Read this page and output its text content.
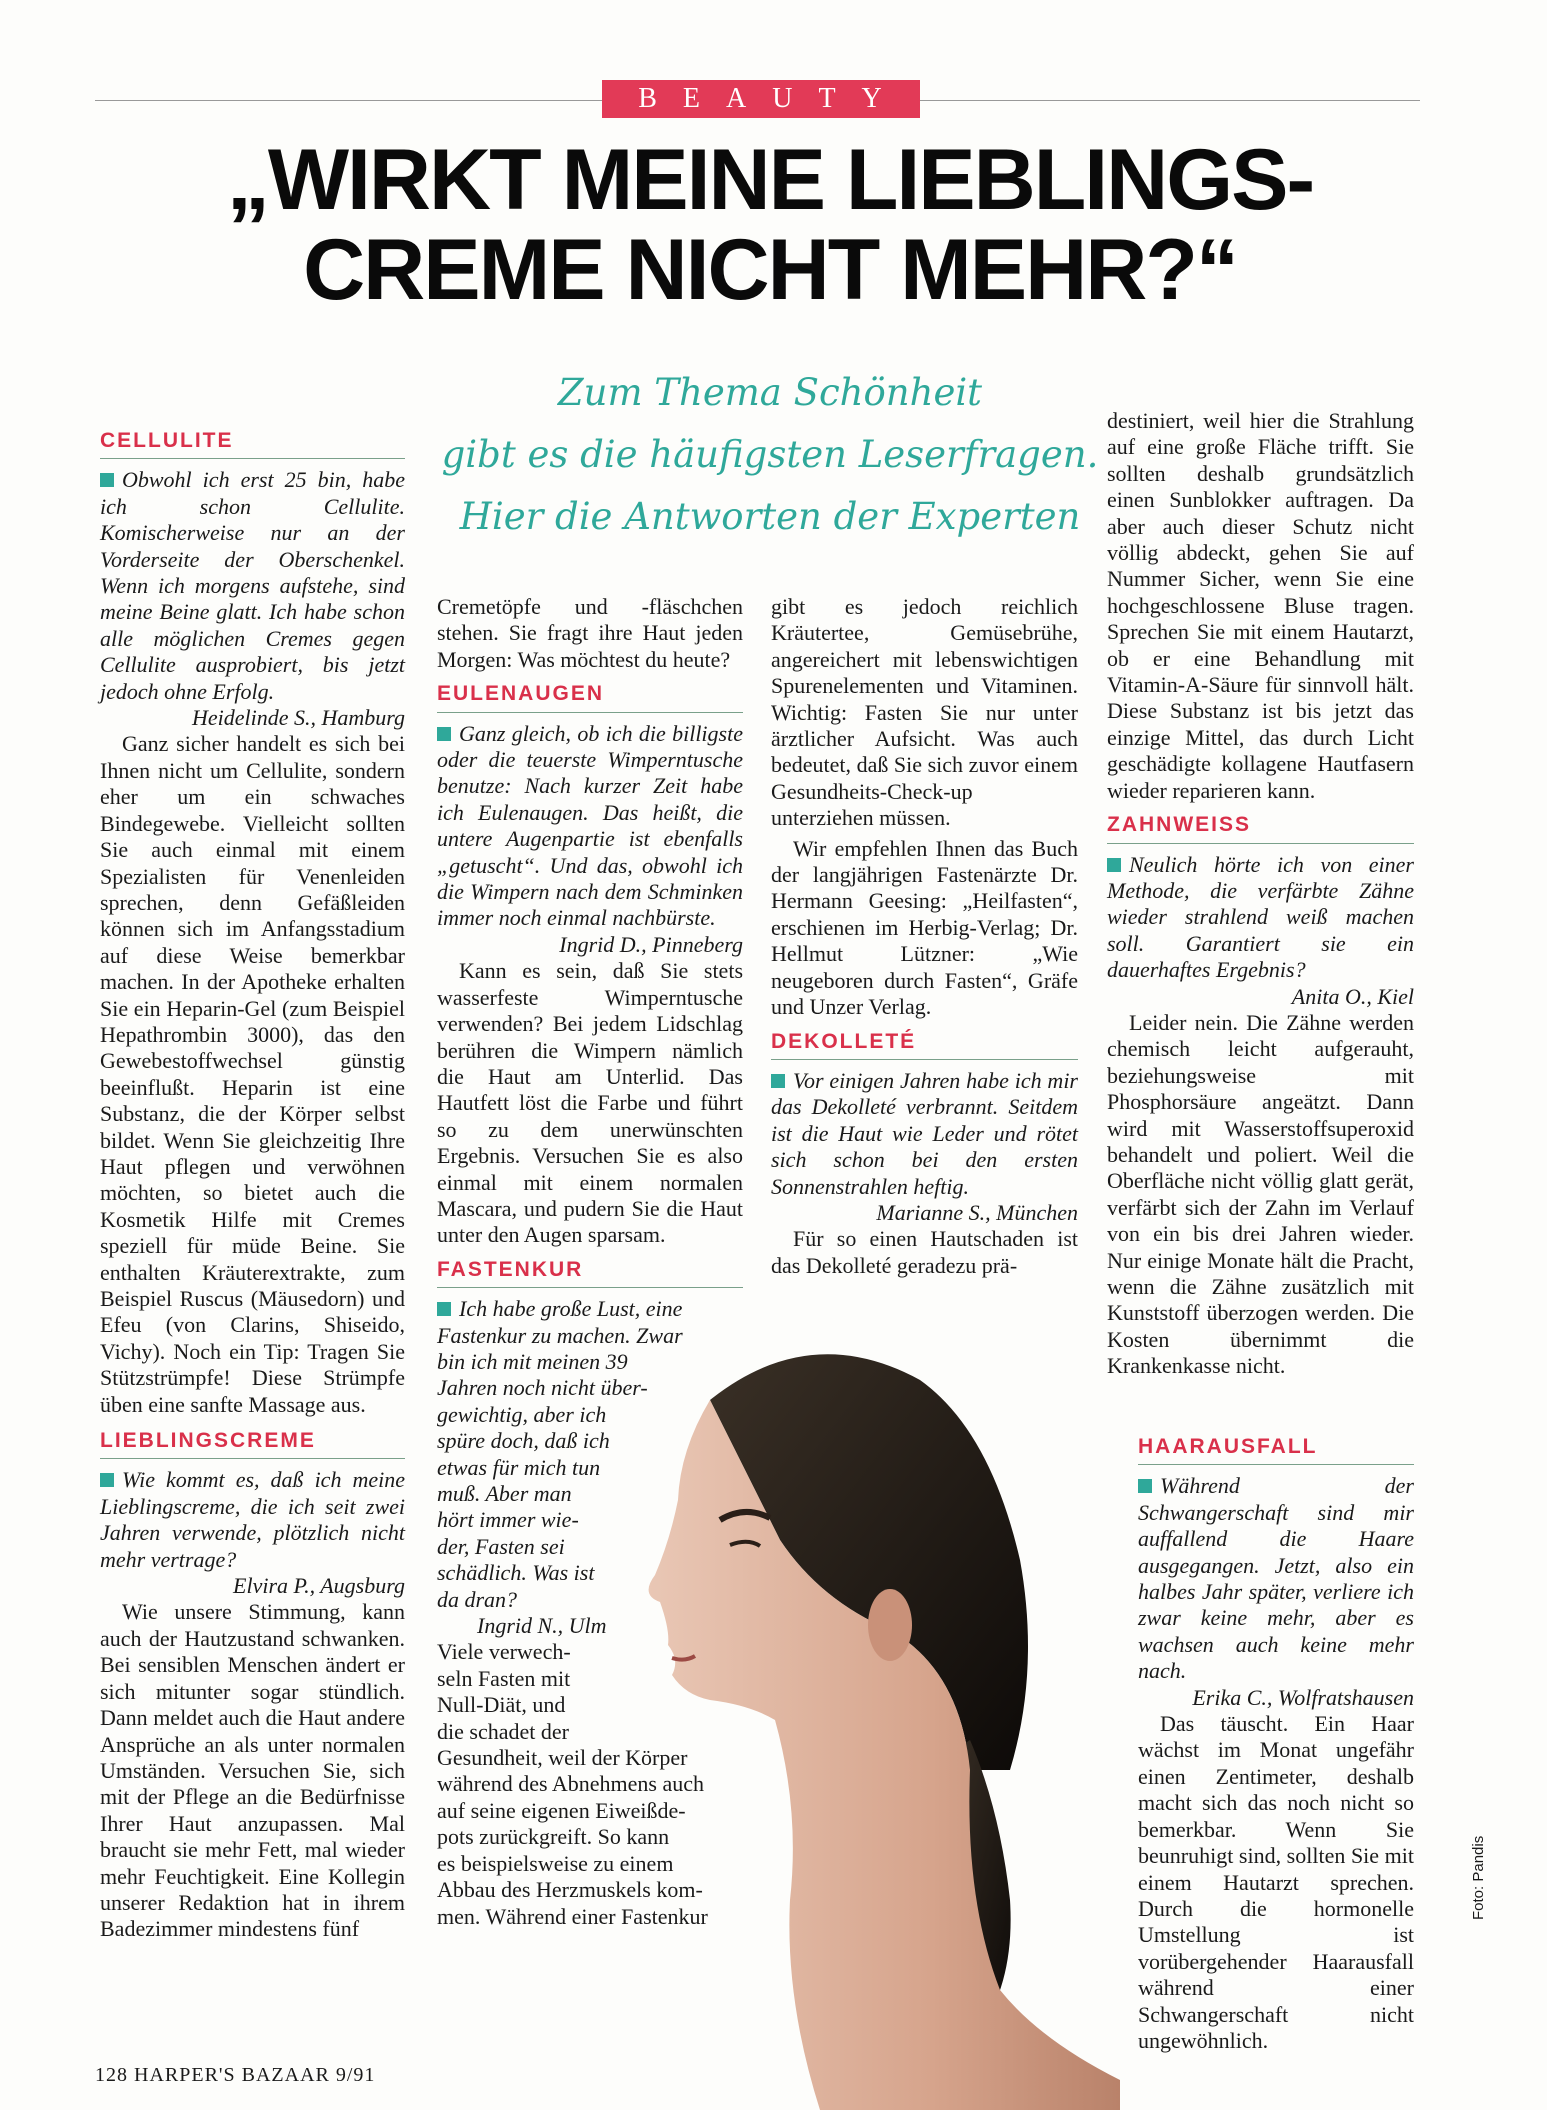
BEAUTY
„WIRKT MEINE LIEBLINGS-
CREME NICHT MEHR?“
Zum Thema Schönheit
gibt es die häufigsten Leserfragen.
Hier die Antworten der Experten
CELLULITE

Obwohl ich erst 25 bin, habe ich schon Cellulite. Komischerweise nur an der Vorderseite der Oberschenkel. Wenn ich morgens aufstehe, sind meine Beine glatt. Ich habe schon alle möglichen Cremes gegen Cellulite ausprobiert, bis jetzt jedoch ohne Erfolg.

Heidelinde S., Hamburg

Ganz sicher handelt es sich bei Ihnen nicht um Cellulite, sondern eher um ein schwaches Bindegewebe. Vielleicht sollten Sie auch einmal mit einem Spezialisten für Venenleiden sprechen, denn Gefäßleiden können sich im Anfangsstadium auf diese Weise bemerkbar machen. In der Apotheke erhalten Sie ein Heparin-Gel (zum Beispiel Hepathrombin 3000), das den Gewebestoffwechsel günstig beeinflußt. Heparin ist eine Substanz, die der Körper selbst bildet. Wenn Sie gleichzeitig Ihre Haut pflegen und verwöhnen möchten, so bietet auch die Kosmetik Hilfe mit Cremes speziell für müde Beine. Sie enthalten Kräuterextrakte, zum Beispiel Ruscus (Mäusedorn) und Efeu (von Clarins, Shiseido, Vichy). Noch ein Tip: Tragen Sie Stützstrümpfe! Diese Strümpfe üben eine sanfte Massage aus.

LIEBLINGSCREME

Wie kommt es, daß ich meine Lieblingscreme, die ich seit zwei Jahren verwende, plötzlich nicht mehr vertrage?

Elvira P., Augsburg

Wie unsere Stimmung, kann auch der Hautzustand schwanken. Bei sensiblen Menschen ändert er sich mitunter sogar stündlich. Dann meldet auch die Haut andere Ansprüche an als unter normalen Umständen. Versuchen Sie, sich mit der Pflege an die Bedürfnisse Ihrer Haut anzupassen. Mal braucht sie mehr Fett, mal wieder mehr Feuchtigkeit. Eine Kollegin unserer Redaktion hat in ihrem Badezimmer mindestens fünf

Cremetöpfe und -fläschchen stehen. Sie fragt ihre Haut jeden Morgen: Was möchtest du heute?

EULENAUGEN

Ganz gleich, ob ich die billigste oder die teuerste Wimperntusche benutze: Nach kurzer Zeit habe ich Eulenaugen. Das heißt, die untere Augenpartie ist ebenfalls „getuscht“. Und das, obwohl ich die Wimpern nach dem Schminken immer noch einmal nachbürste.

Ingrid D., Pinneberg

Kann es sein, daß Sie stets wasserfeste Wimperntusche verwenden? Bei jedem Lidschlag berühren die Wimpern nämlich die Haut am Unterlid. Das Hautfett löst die Farbe und führt so zu dem unerwünschten Ergebnis. Versuchen Sie es also einmal mit einem normalen Mascara, und pudern Sie die Haut unter den Augen sparsam.

FASTENKUR
Ich habe große Lust, eine
Fastenkur zu machen. Zwar
bin ich mit meinen 39
Jahren noch nicht über-
gewichtig, aber ich
spüre doch, daß ich
etwas für mich tun
muß. Aber man
hört immer wie-
der, Fasten sei
schädlich. Was ist
da dran?
Ingrid N., Ulm
Viele verwech-
seln Fasten mit
Null-Diät, und
die schadet der
Gesundheit, weil der Körper
während des Abnehmens auch
auf seine eigenen Eiweißde-
pots zurückgreift. So kann
es beispielsweise zu einem
Abbau des Herzmuskels kom-
men. Während einer Fastenkur

gibt es jedoch reichlich Kräutertee, Gemüsebrühe, angereichert mit lebenswichtigen Spurenelementen und Vitaminen. Wichtig: Fasten Sie nur unter ärztlicher Aufsicht. Was auch bedeutet, daß Sie sich zuvor einem Gesundheits-Check-up unterziehen müssen.

Wir empfehlen Ihnen das Buch der langjährigen Fastenärzte Dr. Hermann Geesing: „Heilfasten“, erschienen im Herbig-Verlag; Dr. Hellmut Lützner: „Wie neugeboren durch Fasten“, Gräfe und Unzer Verlag.

DEKOLLETÉ

Vor einigen Jahren habe ich mir das Dekolleté verbrannt. Seitdem ist die Haut wie Leder und rötet sich schon bei den ersten Sonnenstrahlen heftig.

Marianne S., München

Für so einen Hautschaden ist das Dekolleté geradezu prä-

destiniert, weil hier die Strahlung auf eine große Fläche trifft. Sie sollten deshalb grundsätzlich einen Sunblokker auftragen. Da aber auch dieser Schutz nicht völlig abdeckt, gehen Sie auf Nummer Sicher, wenn Sie eine hochgeschlossene Bluse tragen. Sprechen Sie mit einem Hautarzt, ob er eine Behandlung mit Vitamin-A-Säure für sinnvoll hält. Diese Substanz ist bis jetzt das einzige Mittel, das durch Licht geschädigte kollagene Hautfasern wieder reparieren kann.

ZAHNWEISS

Neulich hörte ich von einer Methode, die verfärbte Zähne wieder strahlend weiß machen soll. Garantiert sie ein dauerhaftes Ergebnis?

Anita O., Kiel

Leider nein. Die Zähne werden chemisch leicht aufgerauht, beziehungsweise mit Phosphorsäure angeätzt. Dann wird mit Wasserstoffsuperoxid behandelt und poliert. Weil die Oberfläche nicht völlig glatt gerät, verfärbt sich der Zahn im Verlauf von ein bis drei Jahren wieder. Nur einige Monate hält die Pracht, wenn die Zähne zusätzlich mit Kunststoff überzogen werden. Die Kosten übernimmt die Krankenkasse nicht.

HAARAUSFALL

Während der Schwangerschaft sind mir auffallend die Haare ausgegangen. Jetzt, also ein halbes Jahr später, verliere ich zwar keine mehr, aber es wachsen auch keine mehr nach.

Erika C., Wolfratshausen

Das täuscht. Ein Haar wächst im Monat ungefähr einen Zentimeter, deshalb macht sich das noch nicht so bemerkbar. Wenn Sie beunruhigt sind, sollten Sie mit einem Hautarzt sprechen. Durch die hormonelle Umstellung ist vorübergehender Haarausfall während einer Schwangerschaft nicht ungewöhnlich.

Foto: Pandis
128 HARPER'S BAZAAR 9/91
